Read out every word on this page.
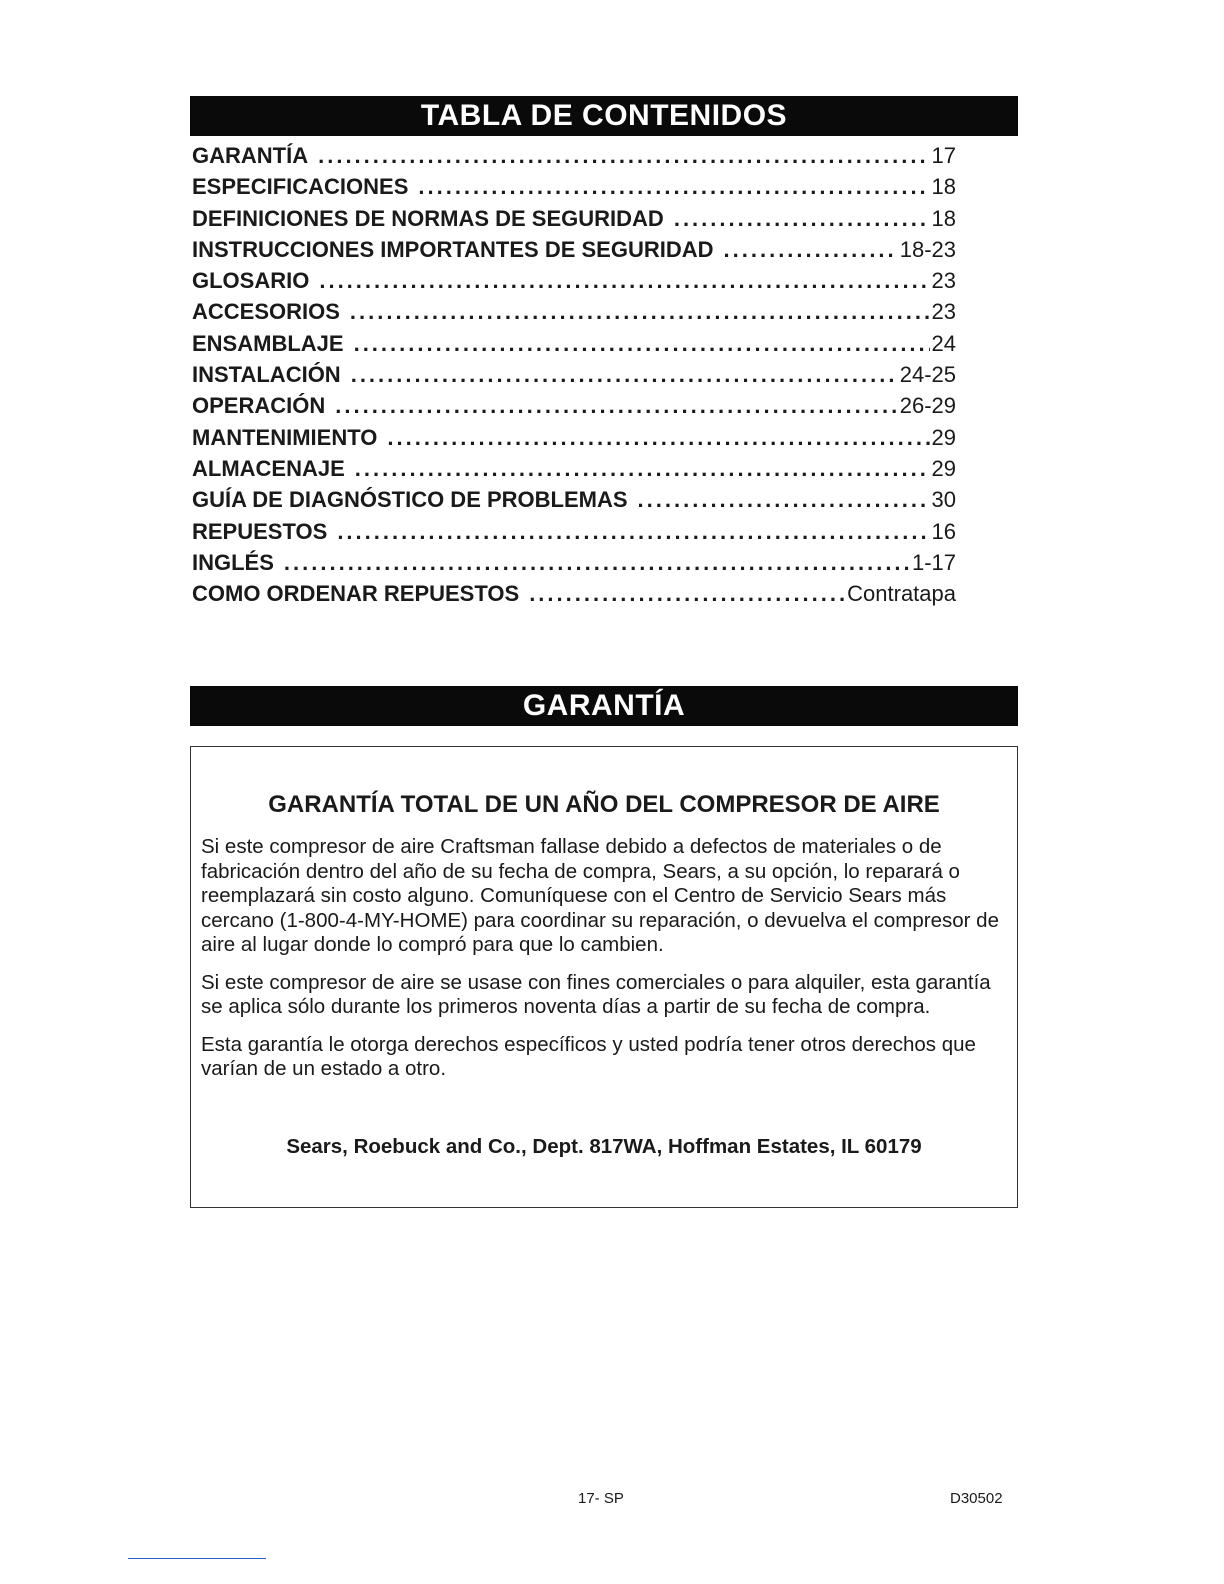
TABLA DE CONTENIDOS
GARANTÍA .....	17
ESPECIFICACIONES .....	18
DEFINICIONES DE NORMAS DE SEGURIDAD .....	18
INSTRUCCIONES IMPORTANTES DE SEGURIDAD .....	18-23
GLOSARIO .....	23
ACCESORIOS .....	23
ENSAMBLAJE .....	24
INSTALACIÓN .....	24-25
OPERACIÓN .....	26-29
MANTENIMIENTO .....	29
ALMACENAJE .....	29
GUÍA DE DIAGNÓSTICO DE PROBLEMAS .....	30
REPUESTOS .....	16
INGLÉS .....	1-17
COMO ORDENAR REPUESTOS .....	Contratapa
GARANTÍA
GARANTÍA TOTAL DE UN AÑO DEL COMPRESOR DE AIRE

Si este compresor de aire Craftsman fallase debido a defectos de materiales o de fabricación dentro del año de su fecha de compra, Sears, a su opción, lo reparará o reemplazará sin costo alguno. Comuníquese con el Centro de Servicio Sears más cercano (1-800-4-MY-HOME) para coordinar su reparación, o devuelva el compresor de aire al lugar donde lo compró para que lo cambien.

Si este compresor de aire se usase con fines comerciales o para alquiler, esta garantía se aplica sólo durante los primeros noventa días a partir de su fecha de compra.

Esta garantía le otorga derechos específicos y usted podría tener otros derechos que varían de un estado a otro.

Sears, Roebuck and Co., Dept. 817WA, Hoffman Estates, IL 60179
17- SP	D30502
